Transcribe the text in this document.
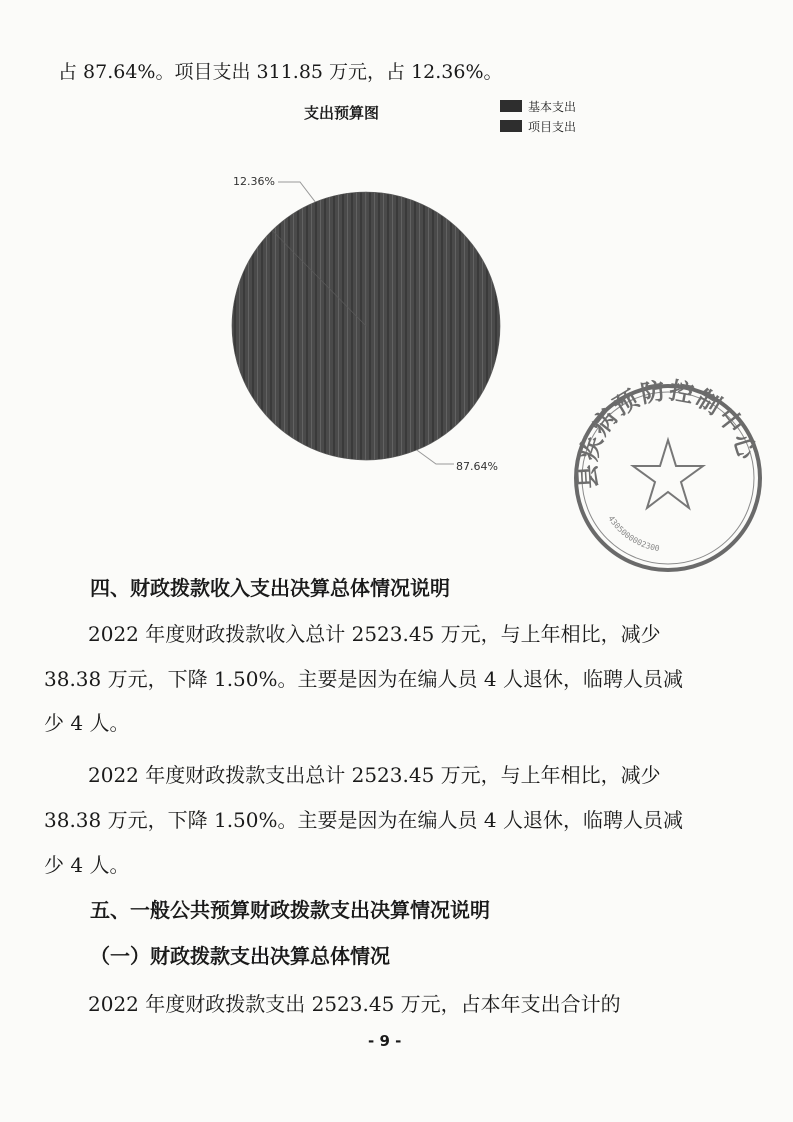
占 87.64%。项目支出 311.85 万元，占 12.36%。
支出预算图	基本支出
项目支出
12.36%
87.64%	县疾病预防控制中心
4305000002300
四、财政拨款收入支出决算总体情况说明
2022 年度财政拨款收入总计 2523.45 万元，与上年相比，减少
38.38 万元，下降 1.50%。主要是因为在编人员 4 人退休，临聘人员减
少 4 人。
2022 年度财政拨款支出总计 2523.45 万元，与上年相比，减少
38.38 万元，下降 1.50%。主要是因为在编人员 4 人退休，临聘人员减
少 4 人。
五、一般公共预算财政拨款支出决算情况说明
（一）财政拨款支出决算总体情况
2022 年度财政拨款支出 2523.45 万元，占本年支出合计的
- 9 -
